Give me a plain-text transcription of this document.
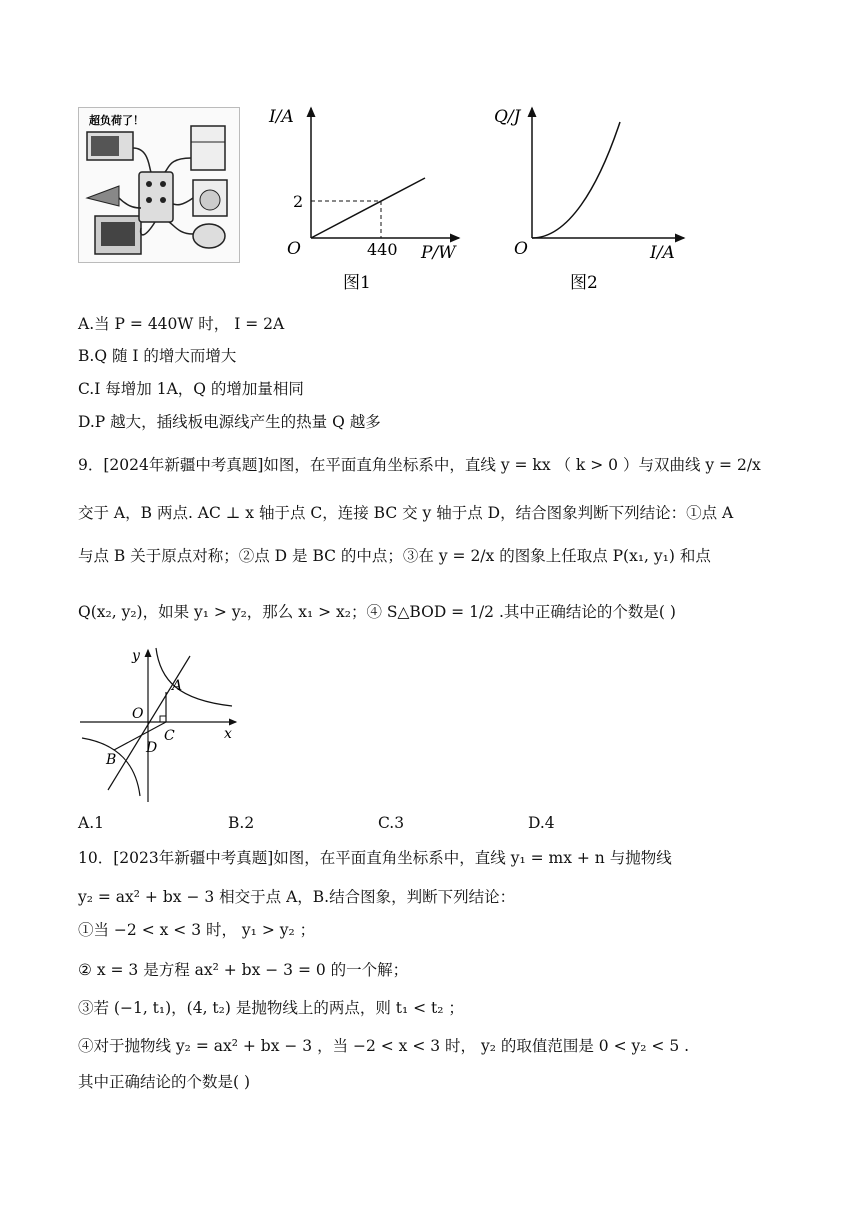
超负荷了！	I/A
P/W
O
2
440
图1
Q/J
I/A
O
图2
A.当 P = 440W 时， I = 2A
B.Q 随 I 的增大而增大
C.I 每增加 1A，Q 的增加量相同
D.P 越大，插线板电源线产生的热量 Q 越多
9．[2024年新疆中考真题]如图，在平面直角坐标系中，直线 y = kx （ k > 0 ）与双曲线 y = 2/x
交于 A，B 两点. AC ⊥ x 轴于点 C，连接 BC 交 y 轴于点 D，结合图象判断下列结论：①点 A
与点 B 关于原点对称；②点 D 是 BC 的中点；③在 y = 2/x 的图象上任取点 P(x₁, y₁) 和点
Q(x₂, y₂)，如果 y₁ > y₂，那么 x₁ > x₂；④ S△BOD = 1/2 .其中正确结论的个数是( )
y
x
O
A
B
C
D
A.1	B.2	C.3	D.4
10．[2023年新疆中考真题]如图，在平面直角坐标系中，直线 y₁ = mx + n 与抛物线
y₂ = ax² + bx − 3 相交于点 A，B.结合图象，判断下列结论：
①当 −2 < x < 3 时， y₁ > y₂ ；
② x = 3 是方程 ax² + bx − 3 = 0 的一个解；
③若 (−1, t₁)，(4, t₂) 是抛物线上的两点，则 t₁ < t₂ ；
④对于抛物线 y₂ = ax² + bx − 3 ，当 −2 < x < 3 时， y₂ 的取值范围是 0 < y₂ < 5 .
其中正确结论的个数是( )
